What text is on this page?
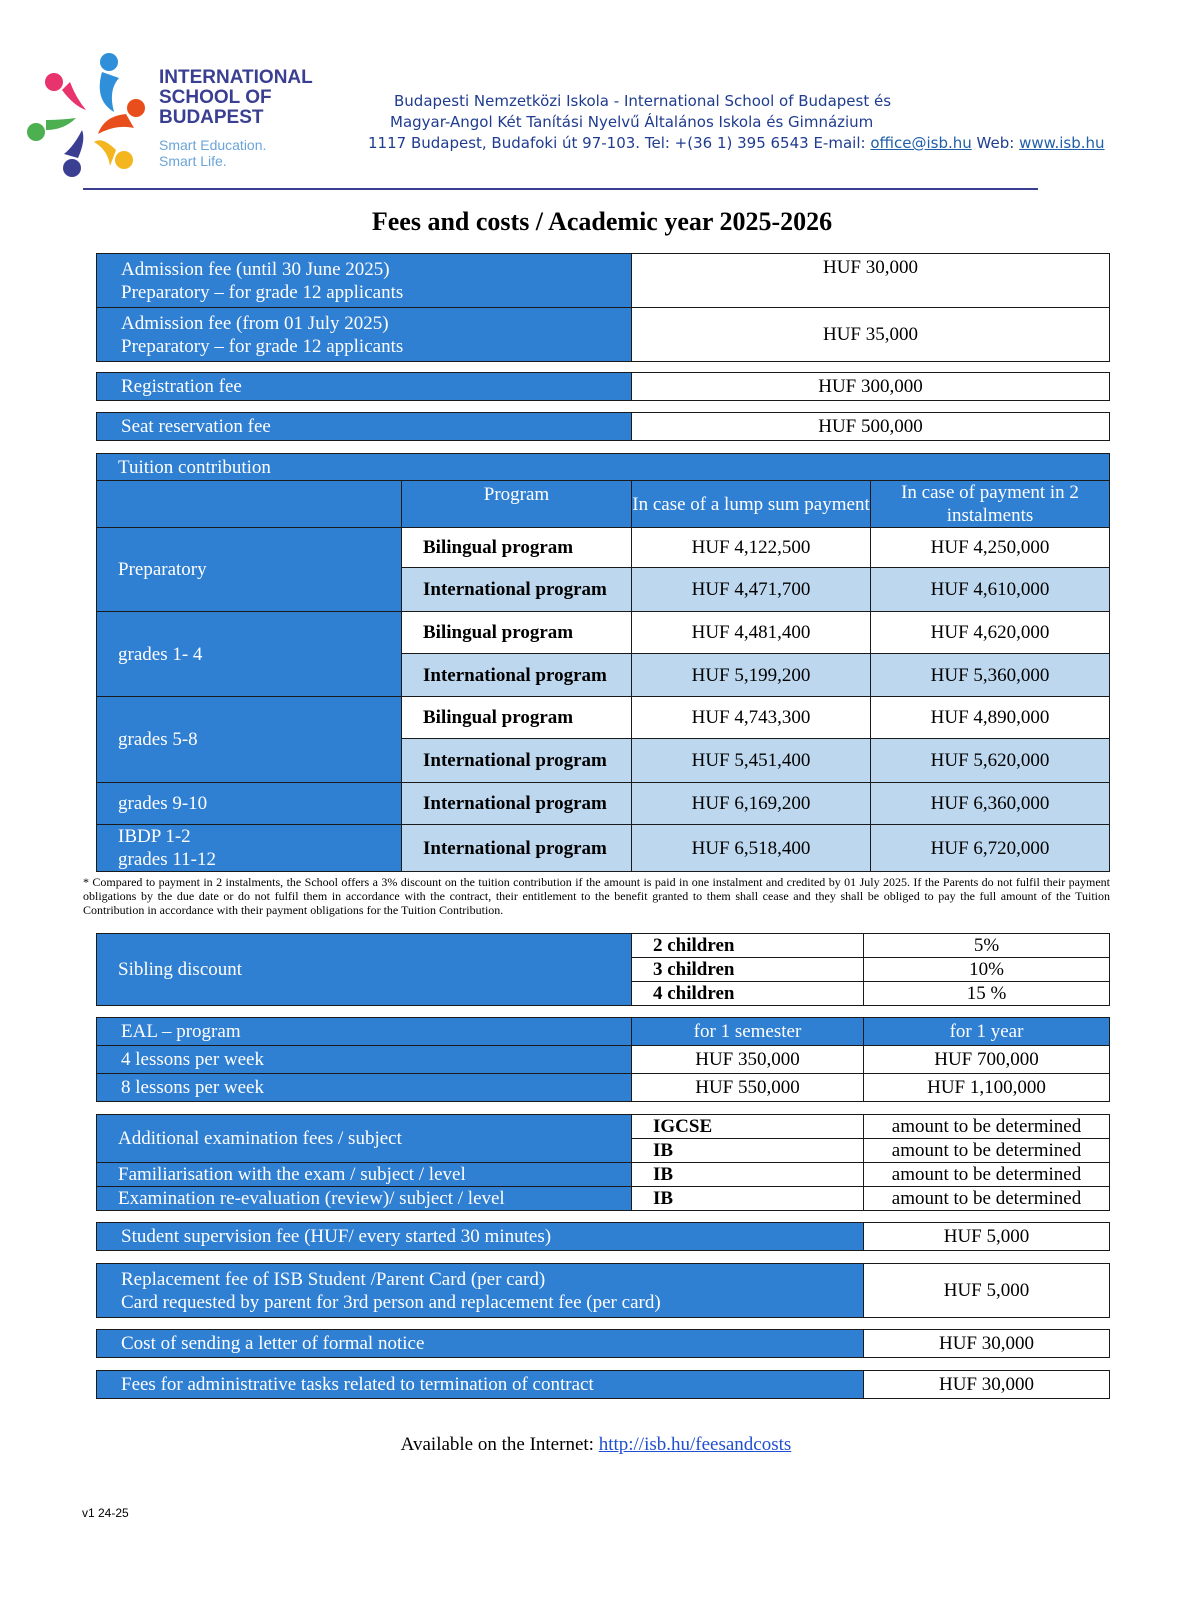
INTERNATIONAL
SCHOOL OF
BUDAPEST
Smart Education.
Smart Life.
Budapesti Nemzetközi Iskola - International School of Budapest és
Magyar-Angol Két Tanítási Nyelvű Általános Iskola és Gimnázium
1117 Budapest, Budafoki út 97-103. Tel: +(36 1) 395 6543 E-mail: office@isb.hu Web: www.isb.hu
Fees and costs / Academic year 2025-2026
Admission fee (until 30 June 2025)
Preparatory – for grade 12 applicants	HUF 30,000

Admission fee (from 01 July 2025)
Preparatory – for grade 12 applicants	HUF 35,000
Registration fee	HUF 300,000
Seat reservation fee	HUF 500,000
Tuition contribution			
	Program	In case of a lump sum payment	In case of payment in 2 instalments
Preparatory	Bilingual program	HUF 4,122,500	HUF 4,250,000
	International program	HUF 4,471,700	HUF 4,610,000
grades 1- 4	Bilingual program	HUF 4,481,400	HUF 4,620,000
	International program	HUF 5,199,200	HUF 5,360,000
grades 5-8	Bilingual program	HUF 4,743,300	HUF 4,890,000
	International program	HUF 5,451,400	HUF 5,620,000
grades 9-10	International program	HUF 6,169,200	HUF 6,360,000

IBDP 1-2
grades 11-12	International program	HUF 6,518,400	HUF 6,720,000
* Compared to payment in 2 instalments, the School offers a 3% discount on the tuition contribution if the amount is paid in one instalment and credited by 01 July 2025. If the Parents do not fulfil their payment obligations by the due date or do not fulfil them in accordance with the contract, their entitlement to the benefit granted to them shall cease and they shall be obliged to pay the full amount of the Tuition Contribution in accordance with their payment obligations for the Tuition Contribution.
Sibling discount	2 children	5%
	3 children	10%
	4 children	15 %
EAL – program	for 1 semester	for 1 year
4 lessons per week	HUF 350,000	HUF 700,000
8 lessons per week	HUF 550,000	HUF 1,100,000
Additional examination fees / subject	IGCSE	amount to be determined
	IB	amount to be determined
Familiarisation with the exam / subject / level	IB	amount to be determined
Examination re-evaluation (review)/ subject / level	IB	amount to be determined
Student supervision fee (HUF/ every started 30 minutes)	HUF 5,000
Replacement fee of ISB Student /Parent Card (per card)
Card requested by parent for 3rd person and replacement fee (per card)
	HUF 5,000
Cost of sending a letter of formal notice	HUF 30,000
Fees for administrative tasks related to termination of contract	HUF 30,000
Available on the Internet: http://isb.hu/feesandcosts
v1 24-25
